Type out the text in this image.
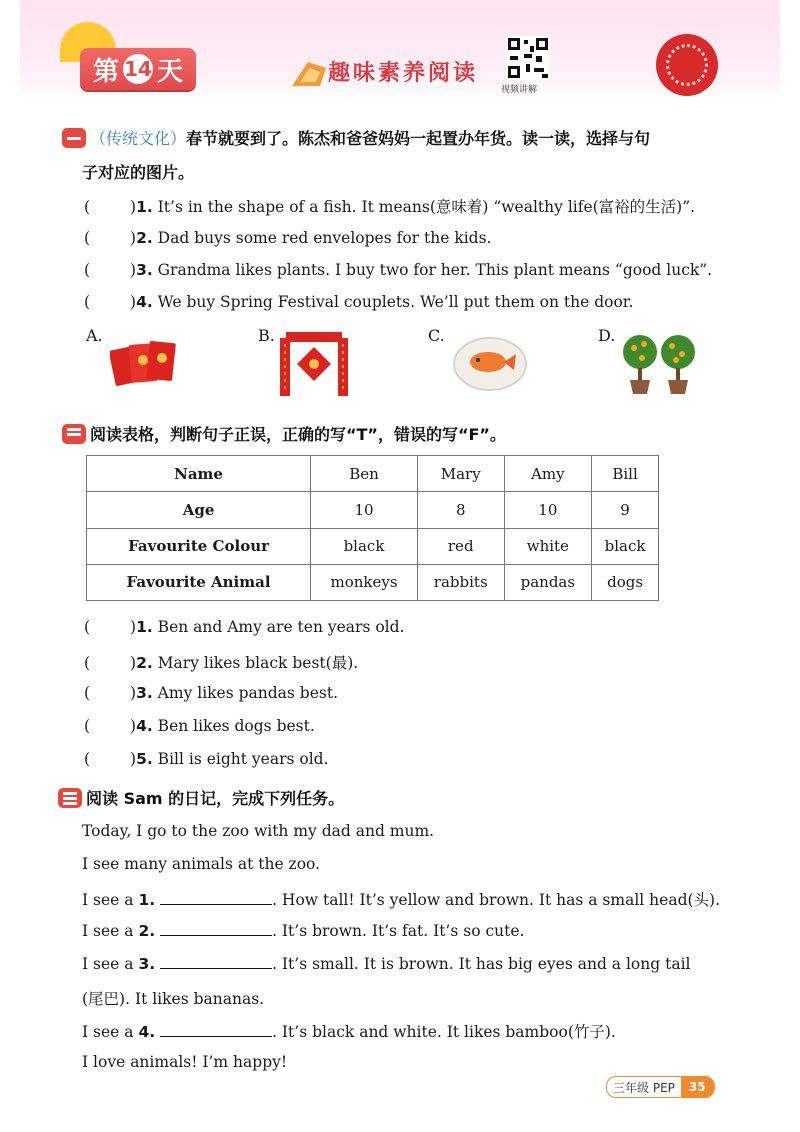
第 14 天	趣味素养阅读
视频讲解
（传统文化）春节就要到了。陈杰和爸爸妈妈一起置办年货。读一读，选择与句
子对应的图片。
(	)1. It’s in the shape of a fish. It means(意味着) “wealthy life(富裕的生活)”.
(	)2. Dad buys some red envelopes for the kids.
(	)3. Grandma likes plants. I buy two for her. This plant means “good luck”.
(	)4. We buy Spring Festival couplets. We’ll put them on the door.
A.	B.	C.	D.
阅读表格，判断句子正误，正确的写“T”，错误的写“F”。
Name	Ben	Mary	Amy	Bill
Age	10	8	10	9
Favourite Colour	black	red	white	black
Favourite Animal	monkeys	rabbits	pandas	dogs
(	)1. Ben and Amy are ten years old.
(	)2. Mary likes black best(最).
(	)3. Amy likes pandas best.
(	)4. Ben likes dogs best.
(	)5. Bill is eight years old.
阅读 Sam 的日记，完成下列任务。
Today, I go to the zoo with my dad and mum.
I see many animals at the zoo.
I see a 1.	. How tall! It’s yellow and brown. It has a small head(头).
I see a 2.	. It’s brown. It’s fat. It’s so cute.
I see a 3.	. It’s small. It is brown. It has big eyes and a long tail
(尾巴). It likes bananas.
I see a 4.	. It’s black and white. It likes bamboo(竹子).
I love animals! I’m happy!
三年级 PEP	35
